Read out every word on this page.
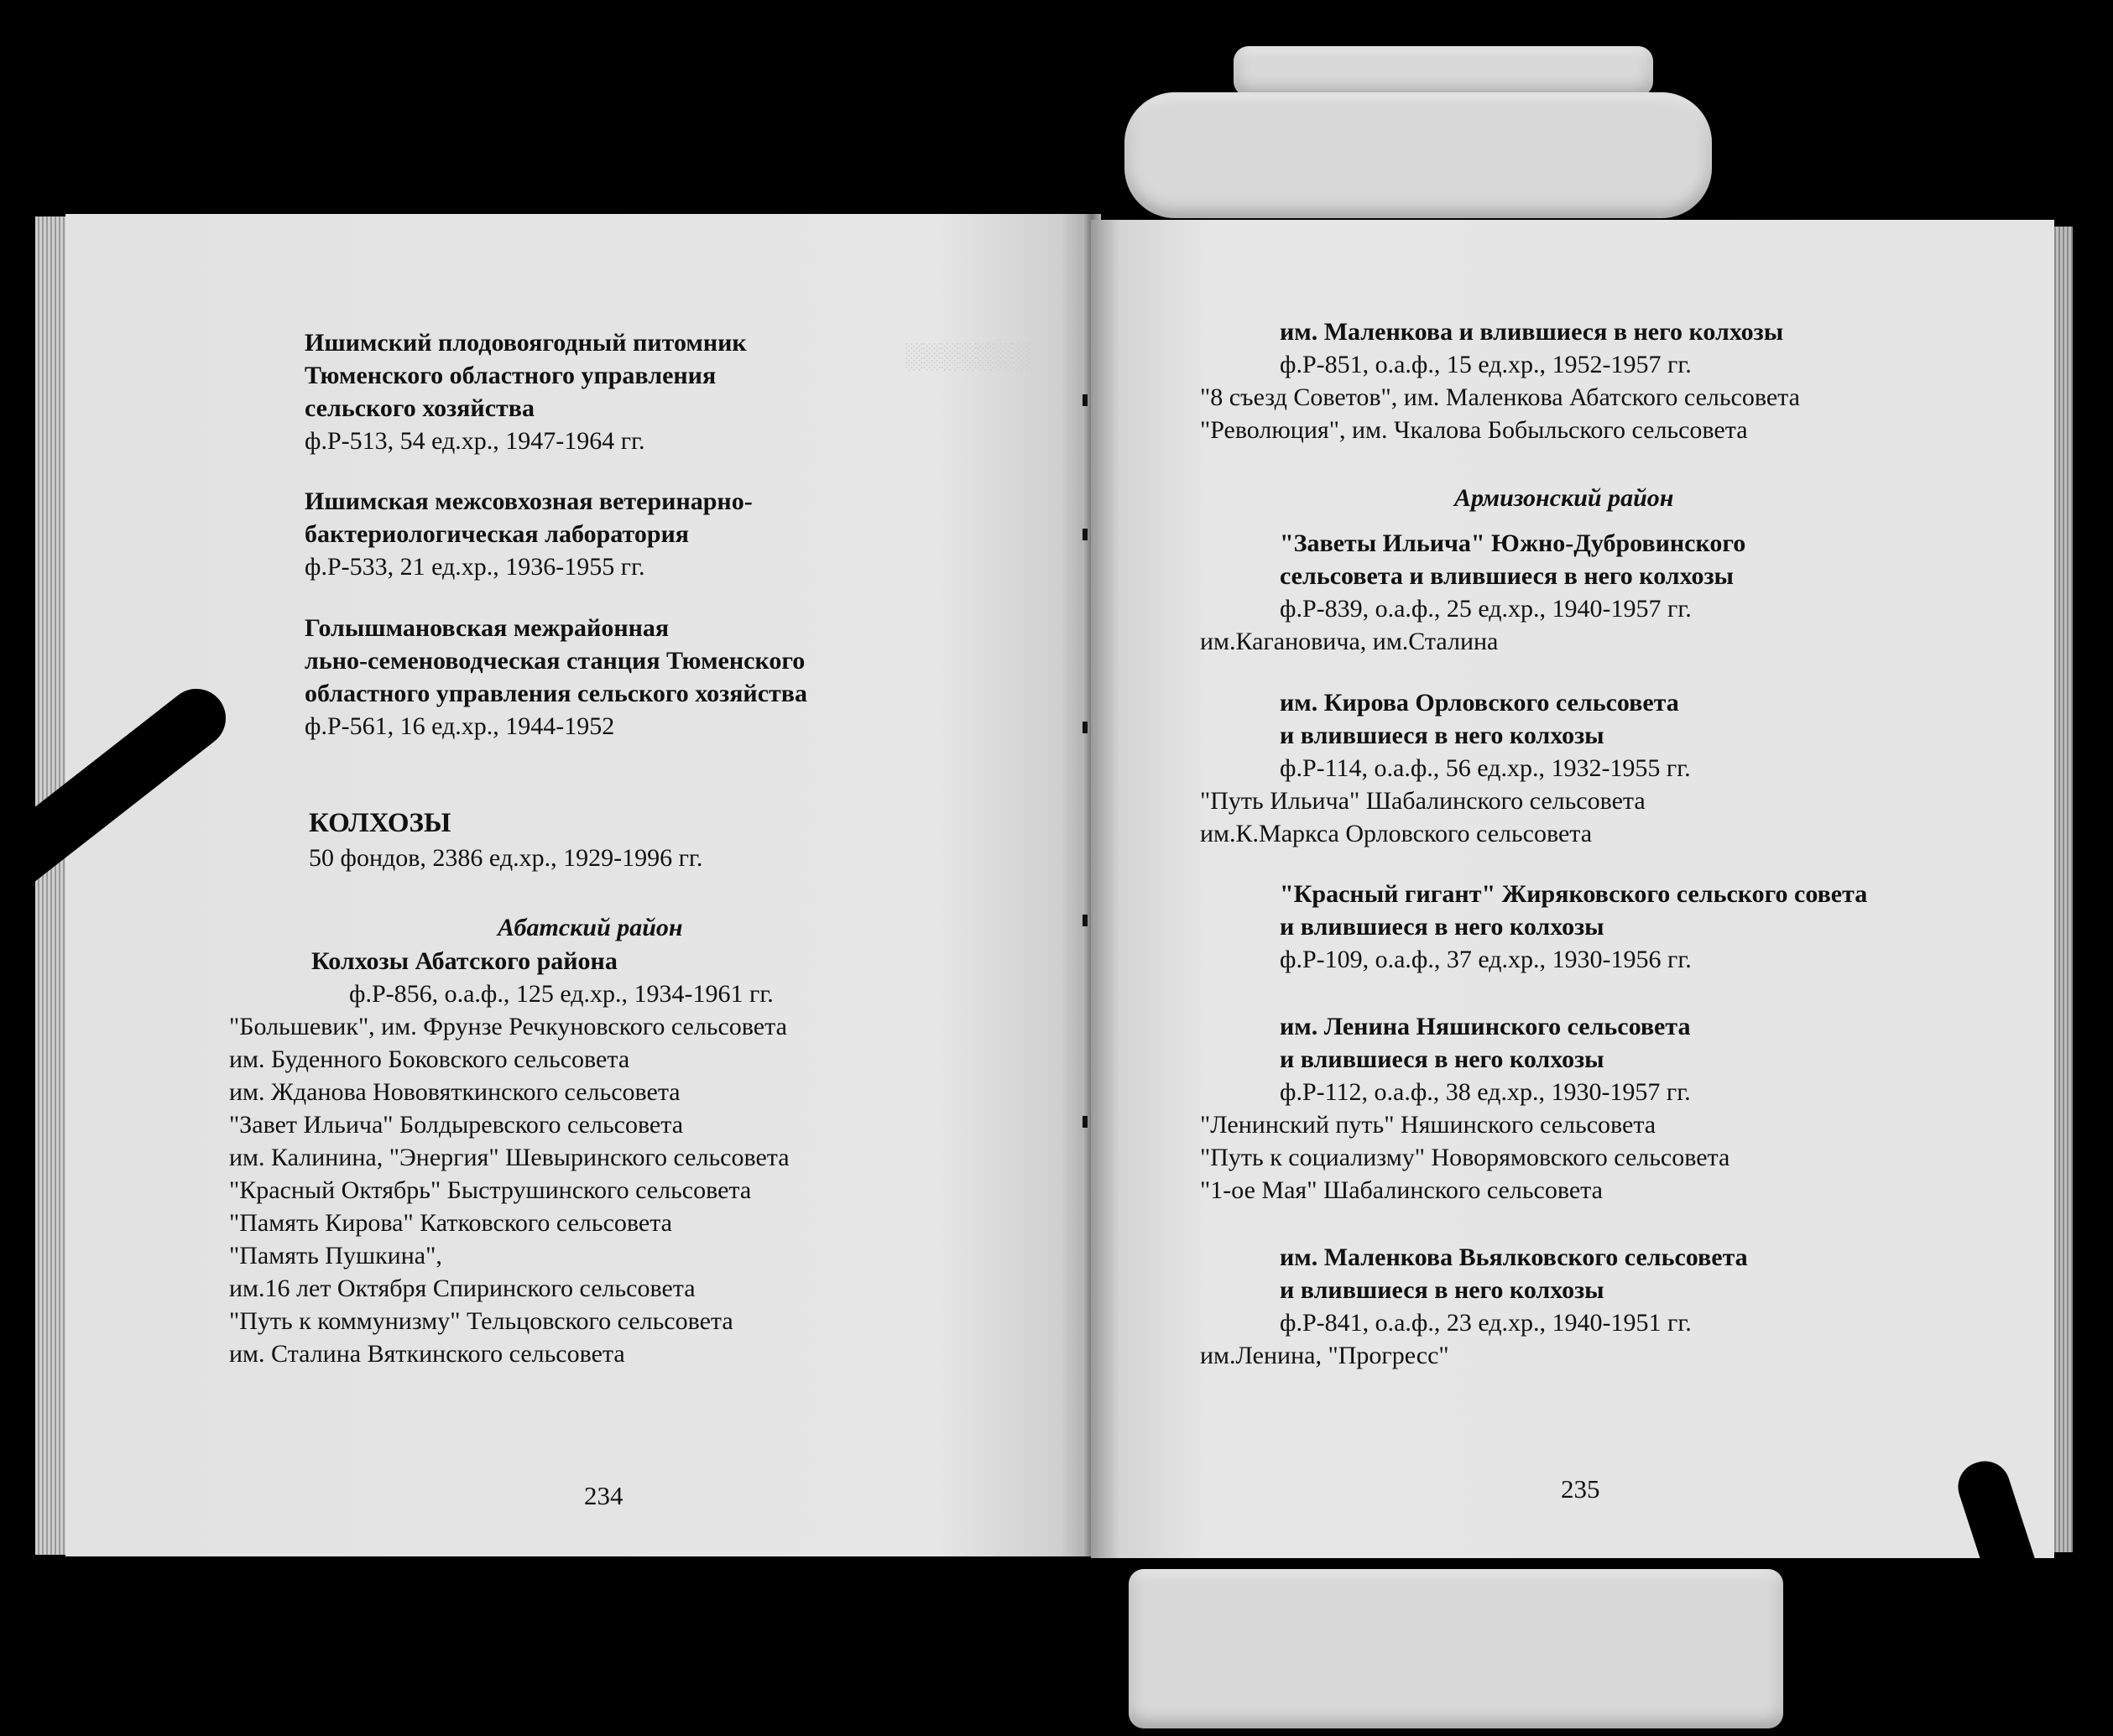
░░░░░░░
Ишимский плодовоягодный питомник
Тюменского областного управления
сельского хозяйства
ф.Р-513, 54 ед.хр., 1947-1964 гг.
Ишимская межсовхозная ветеринарно-
бактериологическая лаборатория
ф.Р-533, 21 ед.хр., 1936-1955 гг.
Голышмановская межрайонная
льно-семеноводческая станция Тюменского
областного управления сельского хозяйства
ф.Р-561, 16 ед.хр., 1944-1952
КОЛХОЗЫ
50 фондов, 2386 ед.хр., 1929-1996 гг.
Абатский район
Колхозы Абатского района
ф.Р-856, о.а.ф., 125 ед.хр., 1934-1961 гг.
"Большевик", им. Фрунзе Речкуновского сельсовета
им. Буденного Боковского сельсовета
им. Жданова Нововяткинского сельсовета
"Завет Ильича" Болдыревского сельсовета
им. Калинина, "Энергия" Шевыринского сельсовета
"Красный Октябрь" Быструшинского сельсовета
"Память Кирова" Катковского сельсовета
"Память Пушкина",
им.16 лет Октября Спиринского сельсовета
"Путь к коммунизму" Тельцовского сельсовета
им. Сталина Вяткинского сельсовета
234
им. Маленкова и влившиеся в него колхозы
ф.Р-851, о.а.ф., 15 ед.хр., 1952-1957 гг.
"8 съезд Советов", им. Маленкова Абатского сельсовета
"Революция", им. Чкалова Бобыльского сельсовета
Армизонский район
"Заветы Ильича" Южно-Дубровинского
сельсовета и влившиеся в него колхозы
ф.Р-839, о.а.ф., 25 ед.хр., 1940-1957 гг.
им.Кагановича, им.Сталина
им. Кирова Орловского сельсовета
и влившиеся в него колхозы
ф.Р-114, о.а.ф., 56 ед.хр., 1932-1955 гг.
"Путь Ильича" Шабалинского сельсовета
им.К.Маркса Орловского сельсовета
"Красный гигант" Жиряковского сельского совета
и влившиеся в него колхозы
ф.Р-109, о.а.ф., 37 ед.хр., 1930-1956 гг.
им. Ленина Няшинского сельсовета
и влившиеся в него колхозы
ф.Р-112, о.а.ф., 38 ед.хр., 1930-1957 гг.
"Ленинский путь" Няшинского сельсовета
"Путь к социализму" Новорямовского сельсовета
"1-ое Мая" Шабалинского сельсовета
им. Маленкова Вьялковского сельсовета
и влившиеся в него колхозы
ф.Р-841, о.а.ф., 23 ед.хр., 1940-1951 гг.
им.Ленина, "Прогресс"
235
